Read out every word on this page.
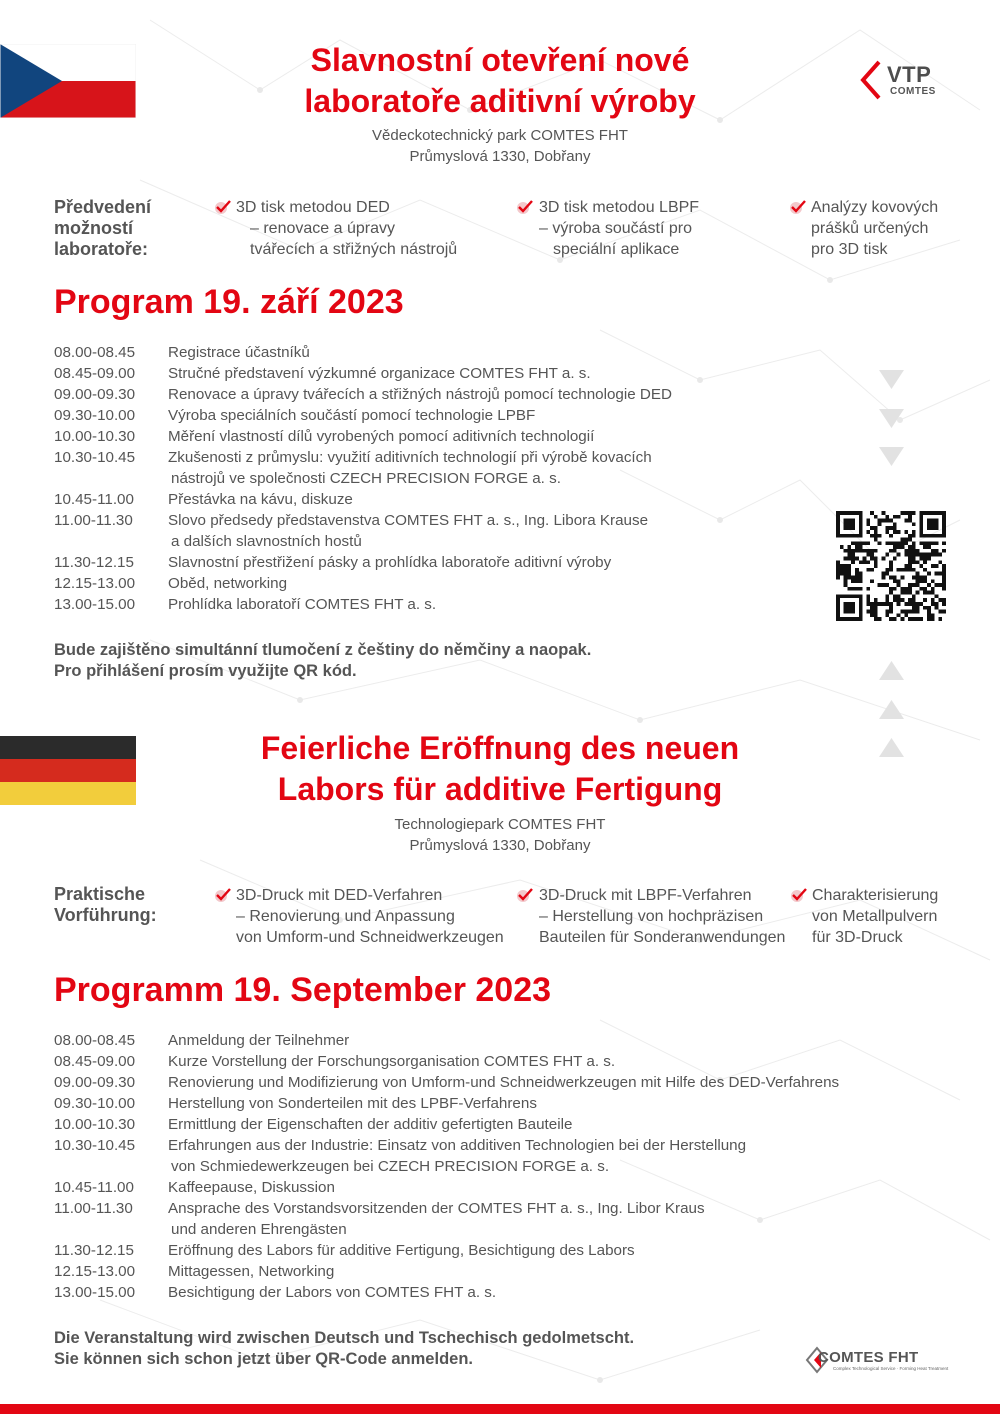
VTP
COMTES
Slavnostní otevření nové
laboratoře aditivní výroby
Vědeckotechnický park COMTES FHT
Průmyslová 1330, Dobřany
Předvedení
možností
laboratoře:
3D tisk metodou DED
– renovace a úpravy
tvářecích a střižných nástrojů
3D tisk metodou LBPF
– výroba součástí pro
speciální aplikace
Analýzy kovových
prášků určených
pro 3D tisk
Program 19. září 2023
08.00-08.45	Registrace účastníků
08.45-09.00	Stručné představení výzkumné organizace COMTES FHT a. s.
09.00-09.30	Renovace a úpravy tvářecích a střižných nástrojů pomocí technologie DED
09.30-10.00	Výroba speciálních součástí pomocí technologie LPBF
10.00-10.30	Měření vlastností dílů vyrobených pomocí aditivních technologií
10.30-10.45	Zkušenosti z průmyslu: využití aditivních technologií při výrobě kovacích
nástrojů ve společnosti CZECH PRECISION FORGE a. s.
10.45-11.00	Přestávka na kávu, diskuze
11.00-11.30	Slovo předsedy představenstva COMTES FHT a. s., Ing. Libora Krause
a dalších slavnostních hostů
11.30-12.15	Slavnostní přestřižení pásky a prohlídka laboratoře aditivní výroby
12.15-13.00	Oběd, networking
13.00-15.00	Prohlídka laboratoří COMTES FHT a. s.
Bude zajištěno simultánní tlumočení z češtiny do němčiny a naopak.
Pro přihlášení prosím využijte QR kód.
Feierliche Eröffnung des neuen
Labors für additive Fertigung
Technologiepark COMTES FHT
Průmyslová 1330, Dobřany
Praktische
Vorführung:
3D-Druck mit DED-Verfahren
– Renovierung und Anpassung
von Umform-und Schneidwerkzeugen
3D-Druck mit LBPF-Verfahren
– Herstellung von hochpräzisen
Bauteilen für Sonderanwendungen
Charakterisierung
von Metallpulvern
für 3D-Druck
Programm 19. September 2023
08.00-08.45	Anmeldung der Teilnehmer
08.45-09.00	Kurze Vorstellung der Forschungsorganisation COMTES FHT a. s.
09.00-09.30	Renovierung und Modifizierung von Umform-und Schneidwerkzeugen mit Hilfe des DED-Verfahrens
09.30-10.00	Herstellung von Sonderteilen mit des LPBF-Verfahrens
10.00-10.30	Ermittlung der Eigenschaften der additiv gefertigten Bauteile
10.30-10.45	Erfahrungen aus der Industrie: Einsatz von additiven Technologien bei der Herstellung
von Schmiedewerkzeugen bei CZECH PRECISION FORGE a. s.
10.45-11.00	Kaffeepause, Diskussion
11.00-11.30	Ansprache des Vorstandsvorsitzenden der COMTES FHT a. s., Ing. Libor Kraus
und anderen Ehrengästen
11.30-12.15	Eröffnung des Labors für additive Fertigung, Besichtigung des Labors
12.15-13.00	Mittagessen, Networking
13.00-15.00	Besichtigung der Labors von COMTES FHT a. s.
Die Veranstaltung wird zwischen Deutsch und Tschechisch gedolmetscht.
Sie können sich schon jetzt über QR-Code anmelden.	COMTES FHT
Complex Technological Service · Forming Heat Treatment
